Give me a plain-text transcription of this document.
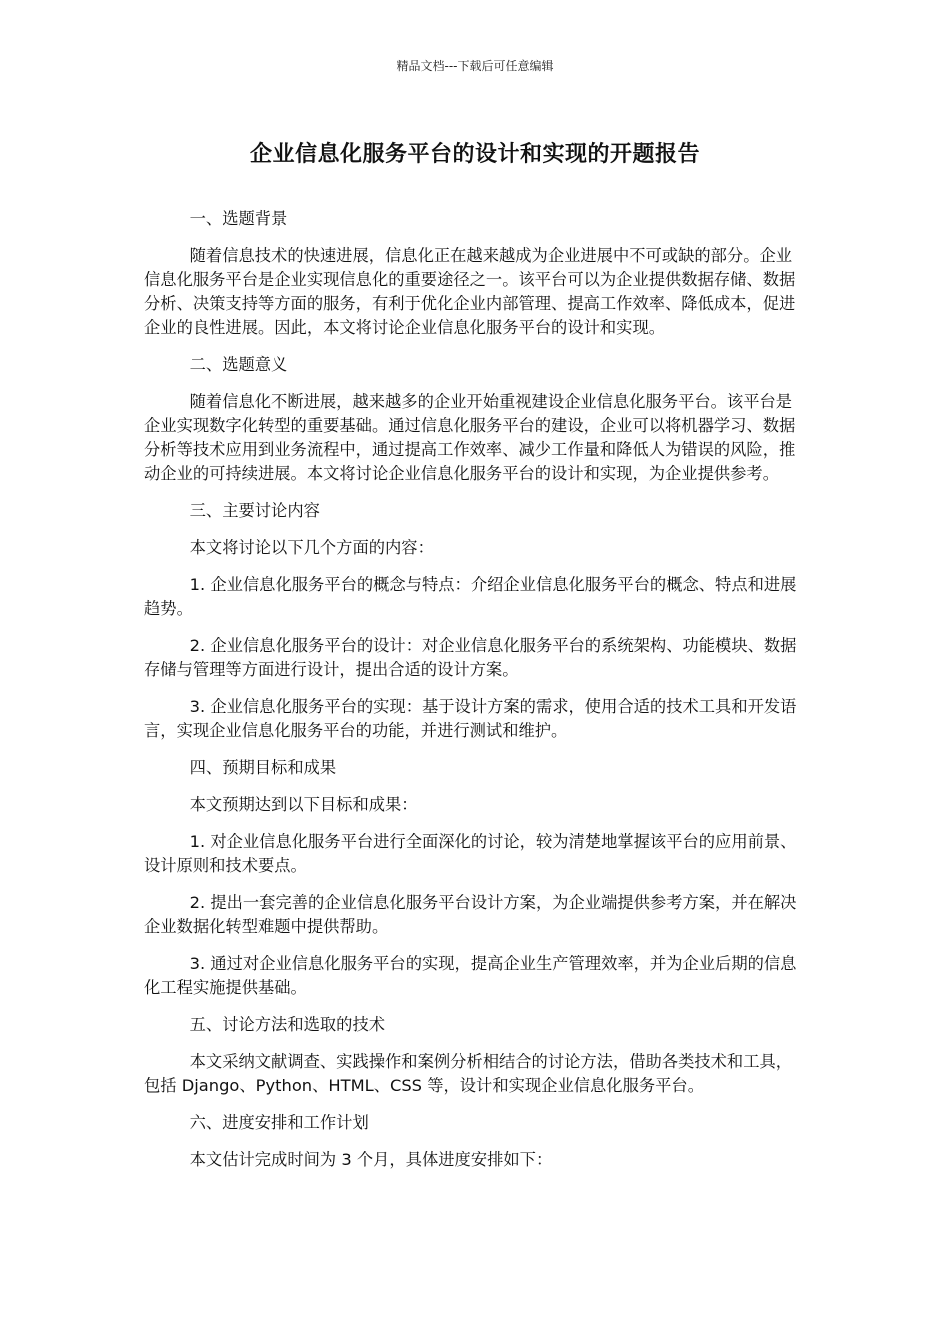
精品文档---下载后可任意编辑
企业信息化服务平台的设计和实现的开题报告

一、选题背景

随着信息技术的快速进展，信息化正在越来越成为企业进展中不可或缺的部分。企业信息化服务平台是企业实现信息化的重要途径之一。该平台可以为企业提供数据存储、数据分析、决策支持等方面的服务，有利于优化企业内部管理、提高工作效率、降低成本，促进企业的良性进展。因此，本文将讨论企业信息化服务平台的设计和实现。

二、选题意义

随着信息化不断进展，越来越多的企业开始重视建设企业信息化服务平台。该平台是企业实现数字化转型的重要基础。通过信息化服务平台的建设，企业可以将机器学习、数据分析等技术应用到业务流程中，通过提高工作效率、减少工作量和降低人为错误的风险，推动企业的可持续进展。本文将讨论企业信息化服务平台的设计和实现，为企业提供参考。

三、主要讨论内容

本文将讨论以下几个方面的内容：

1. 企业信息化服务平台的概念与特点：介绍企业信息化服务平台的概念、特点和进展趋势。

2. 企业信息化服务平台的设计：对企业信息化服务平台的系统架构、功能模块、数据存储与管理等方面进行设计，提出合适的设计方案。

3. 企业信息化服务平台的实现：基于设计方案的需求，使用合适的技术工具和开发语言，实现企业信息化服务平台的功能，并进行测试和维护。

四、预期目标和成果

本文预期达到以下目标和成果：

1. 对企业信息化服务平台进行全面深化的讨论，较为清楚地掌握该平台的应用前景、设计原则和技术要点。

2. 提出一套完善的企业信息化服务平台设计方案，为企业端提供参考方案，并在解决企业数据化转型难题中提供帮助。

3. 通过对企业信息化服务平台的实现，提高企业生产管理效率，并为企业后期的信息化工程实施提供基础。

五、讨论方法和选取的技术

本文采纳文献调查、实践操作和案例分析相结合的讨论方法，借助各类技术和工具，包括 Django、Python、HTML、CSS 等，设计和实现企业信息化服务平台。

六、进度安排和工作计划

本文估计完成时间为 3 个月，具体进度安排如下：
